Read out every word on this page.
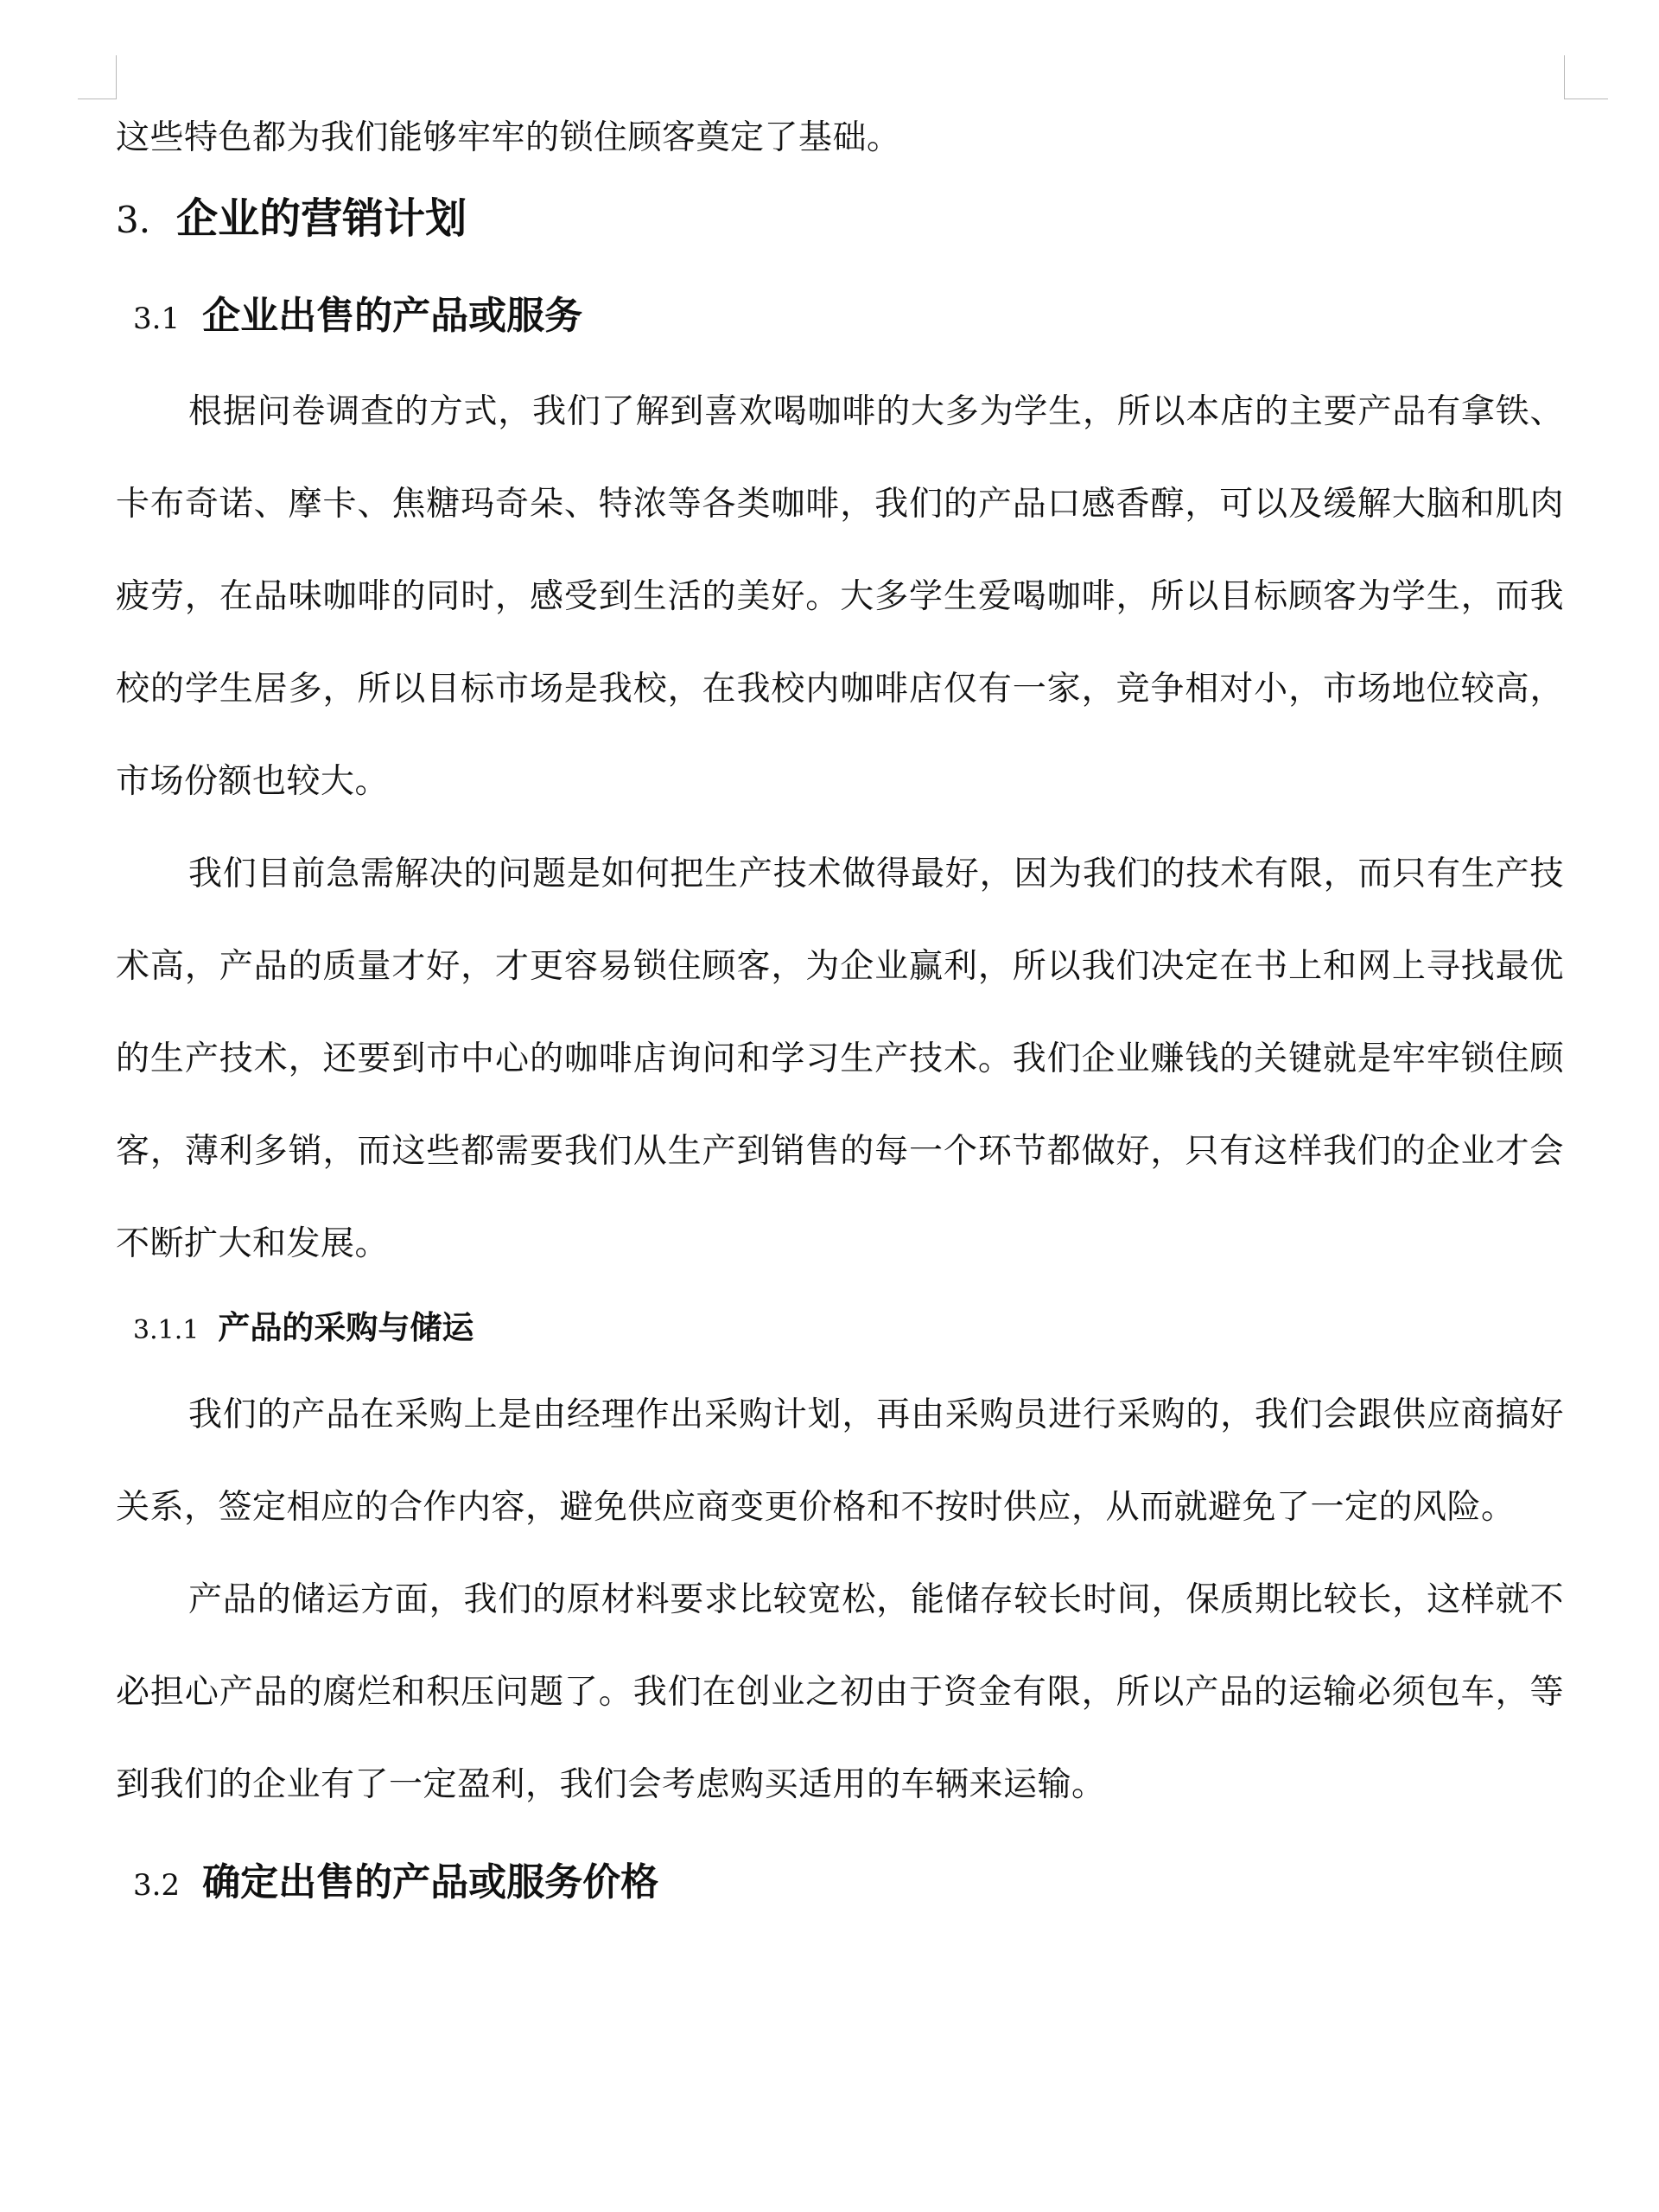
这些特色都为我们能够牢牢的锁住顾客奠定了基础。

3. 企业的营销计划
3.1 企业出售的产品或服务

根据问卷调查的方式，我们了解到喜欢喝咖啡的大多为学生，所以本店的主要产品有拿铁、卡布奇诺、摩卡、焦糖玛奇朵、特浓等各类咖啡，我们的产品口感香醇，可以及缓解大脑和肌肉疲劳，在品味咖啡的同时，感受到生活的美好。大多学生爱喝咖啡，所以目标顾客为学生，而我校的学生居多，所以目标市场是我校，在我校内咖啡店仅有一家，竞争相对小，市场地位较高，市场份额也较大。

我们目前急需解决的问题是如何把生产技术做得最好，因为我们的技术有限，而只有生产技术高，产品的质量才好，才更容易锁住顾客，为企业赢利，所以我们决定在书上和网上寻找最优的生产技术，还要到市中心的咖啡店询问和学习生产技术。我们企业赚钱的关键就是牢牢锁住顾客，薄利多销，而这些都需要我们从生产到销售的每一个环节都做好，只有这样我们的企业才会不断扩大和发展。

3.1.1 产品的采购与储运

我们的产品在采购上是由经理作出采购计划，再由采购员进行采购的，我们会跟供应商搞好关系，签定相应的合作内容，避免供应商变更价格和不按时供应，从而就避免了一定的风险。

产品的储运方面，我们的原材料要求比较宽松，能储存较长时间，保质期比较长，这样就不必担心产品的腐烂和积压问题了。我们在创业之初由于资金有限，所以产品的运输必须包车，等到我们的企业有了一定盈利，我们会考虑购买适用的车辆来运输。

3.2 确定出售的产品或服务价格
